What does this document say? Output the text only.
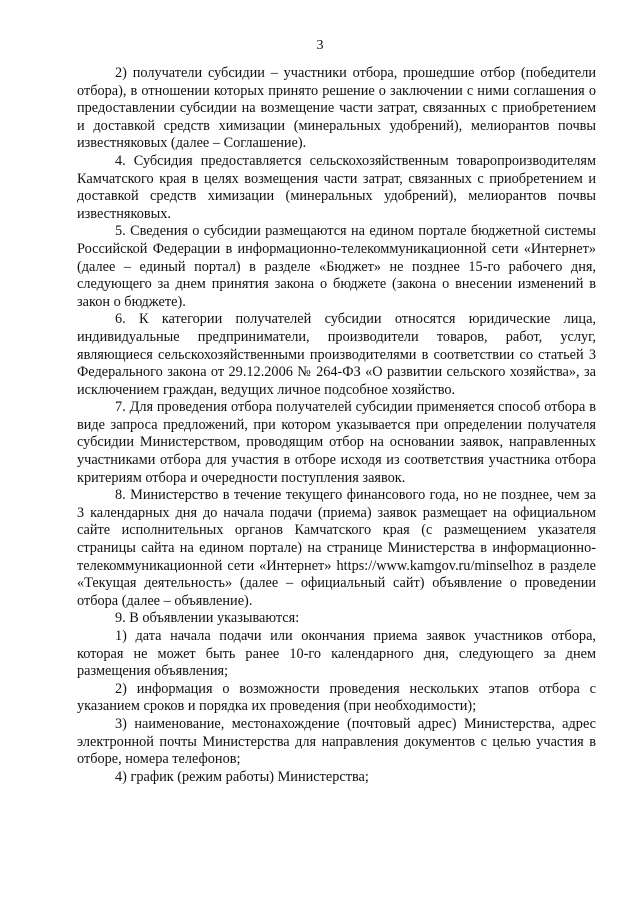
3

2) получатели субсидии – участники отбора, прошедшие отбор (победители отбора), в отношении которых принято решение о заключении с ними соглашения о предоставлении субсидии на возмещение части затрат, связанных с приобретением и доставкой средств химизации (минеральных удобрений), мелиорантов почвы известняковых (далее – Соглашение).

4. Субсидия предоставляется сельскохозяйственным товаропроизводителям Камчатского края в целях возмещения части затрат, связанных с приобретением и доставкой средств химизации (минеральных удобрений), мелиорантов почвы известняковых.

5. Сведения о субсидии размещаются на едином портале бюджетной системы Российской Федерации в информационно-телекоммуникационной сети «Интернет» (далее – единый портал) в разделе «Бюджет» не позднее 15-го рабочего дня, следующего за днем принятия закона о бюджете (закона о внесении изменений в закон о бюджете).

6. К категории получателей субсидии относятся юридические лица, индивидуальные предприниматели, производители товаров, работ, услуг, являющиеся сельскохозяйственными производителями в соответствии со статьей 3 Федерального закона от 29.12.2006 № 264-ФЗ «О развитии сельского хозяйства», за исключением граждан, ведущих личное подсобное хозяйство.

7. Для проведения отбора получателей субсидии применяется способ отбора в виде запроса предложений, при котором указывается при определении получателя субсидии Министерством, проводящим отбор на основании заявок, направленных участниками отбора для участия в отборе исходя из соответствия участника отбора критериям отбора и очередности поступления заявок.

8. Министерство в течение текущего финансового года, но не позднее, чем за 3 календарных дня до начала подачи (приема) заявок размещает на официальном сайте исполнительных органов Камчатского края (с размещением указателя страницы сайта на едином портале) на странице Министерства в информационно-телекоммуникационной сети «Интернет» https://www.kamgov.ru/minselhoz в разделе «Текущая деятельность» (далее – официальный сайт) объявление о проведении отбора (далее – объявление).

9. В объявлении указываются:

1) дата начала подачи или окончания приема заявок участников отбора, которая не может быть ранее 10-го календарного дня, следующего за днем размещения объявления;

2) информация о возможности проведения нескольких этапов отбора с указанием сроков и порядка их проведения (при необходимости);

3) наименование, местонахождение (почтовый адрес) Министерства, адрес электронной почты Министерства для направления документов с целью участия в отборе, номера телефонов;

4) график (режим работы) Министерства;
